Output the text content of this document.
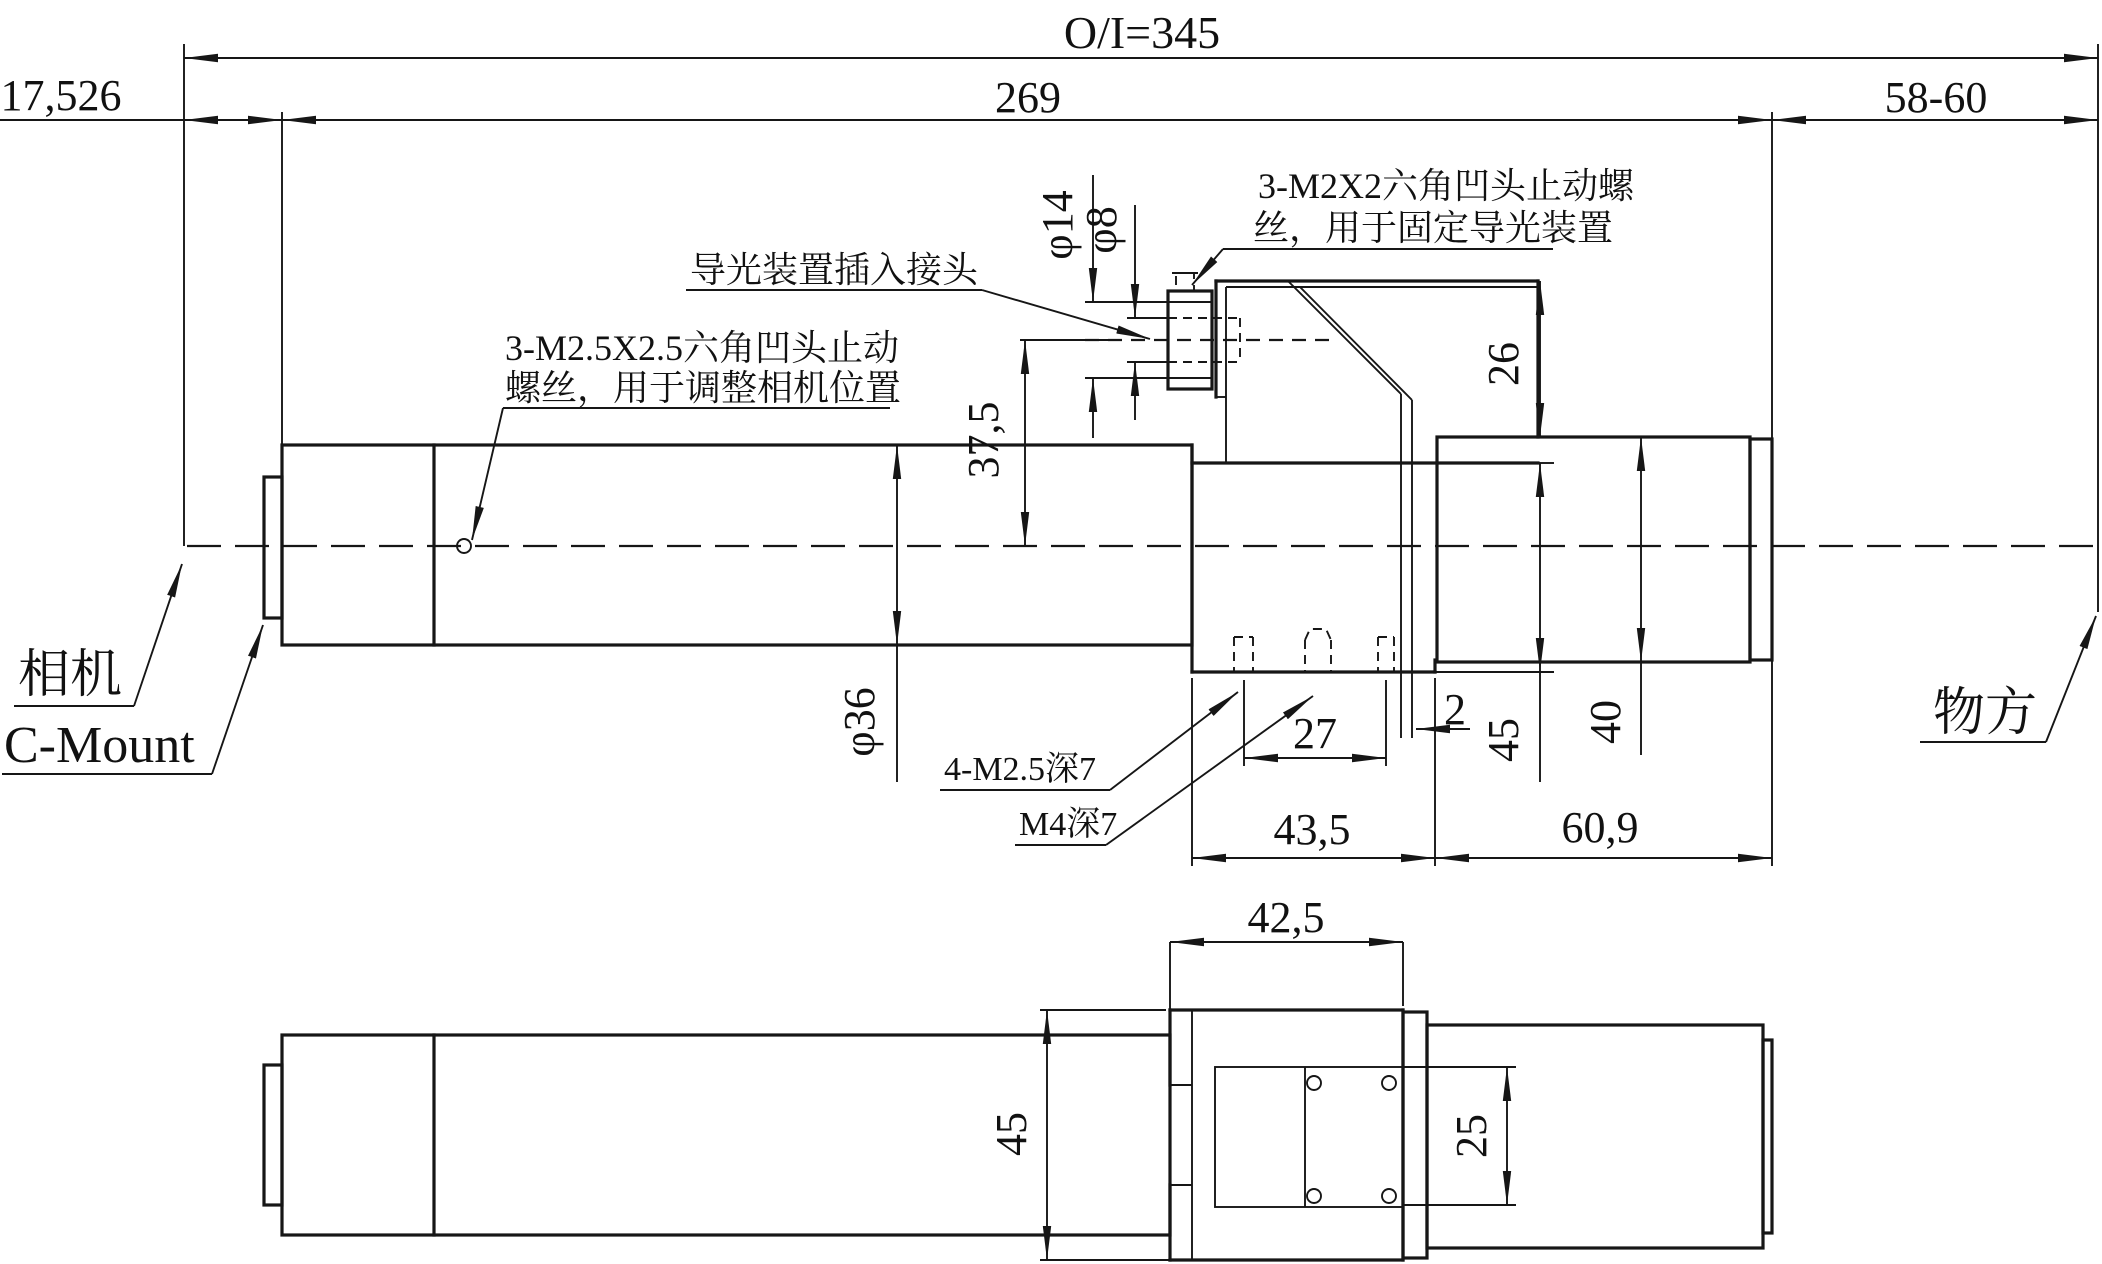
O/I=345
17,526	269	58-60
φ14
φ8
37,5
26
φ36	45 40
27 2
43,5	60,9
相机
C-Mount
物方
导光装置插入接头
3-M2.5X2.5六角凹头止动
螺丝，用于调整相机位置
3-M2X2六角凹头止动螺
丝，用于固定导光装置
4-M2.5深7
M4深7
42,5
45	25
